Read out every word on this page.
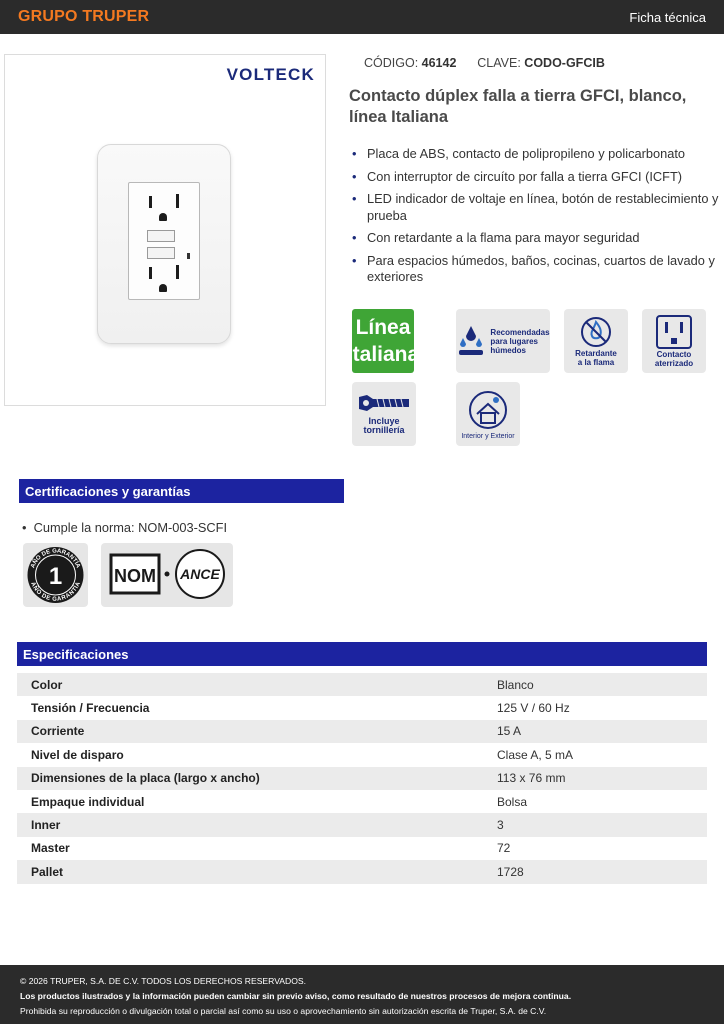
GRUPO TRUPER	Ficha técnica
VOLTECK
CÓDIGO: 46142 CLAVE: CODO-GFCIB
Contacto dúplex falla a tierra GFCI, blanco, línea Italiana
• Placa de ABS, contacto de polipropileno y policarbonato
• Con interruptor de circuíto por falla a tierra GFCI (ICFT)
• LED indicador de voltaje en línea, botón de restablecimiento y prueba
• Con retardante a la flama para mayor seguridad
• Para espacios húmedos, baños, cocinas, cuartos de lavado y exteriores
Línea
Italiana
Recomendadas
para lugares
húmedos	Retardante
a la flama
Contacto
aterrizado
Incluye
tornillería
Interior y Exterior
Certificaciones y garantías
•  Cumple la norma: NOM-003-SCFI
1
AÑO DE GARANTÍA
AÑO DE GARANTÍA NOM ANCE
Especificaciones
Color	Blanco
Tensión / Frecuencia	125 V / 60 Hz
Corriente	15 A
Nivel de disparo	Clase A, 5 mA
Dimensiones de la placa (largo x ancho)	113 x 76 mm
Empaque individual	Bolsa
Inner	3
Master	72
Pallet	1728
© 2026 TRUPER, S.A. DE C.V. TODOS LOS DERECHOS RESERVADOS.
Los productos ilustrados y la información pueden cambiar sin previo aviso, como resultado de nuestros procesos de mejora continua.
Prohibida su reproducción o divulgación total o parcial así como su uso o aprovechamiento sin autorización escrita de Truper, S.A. de C.V.
